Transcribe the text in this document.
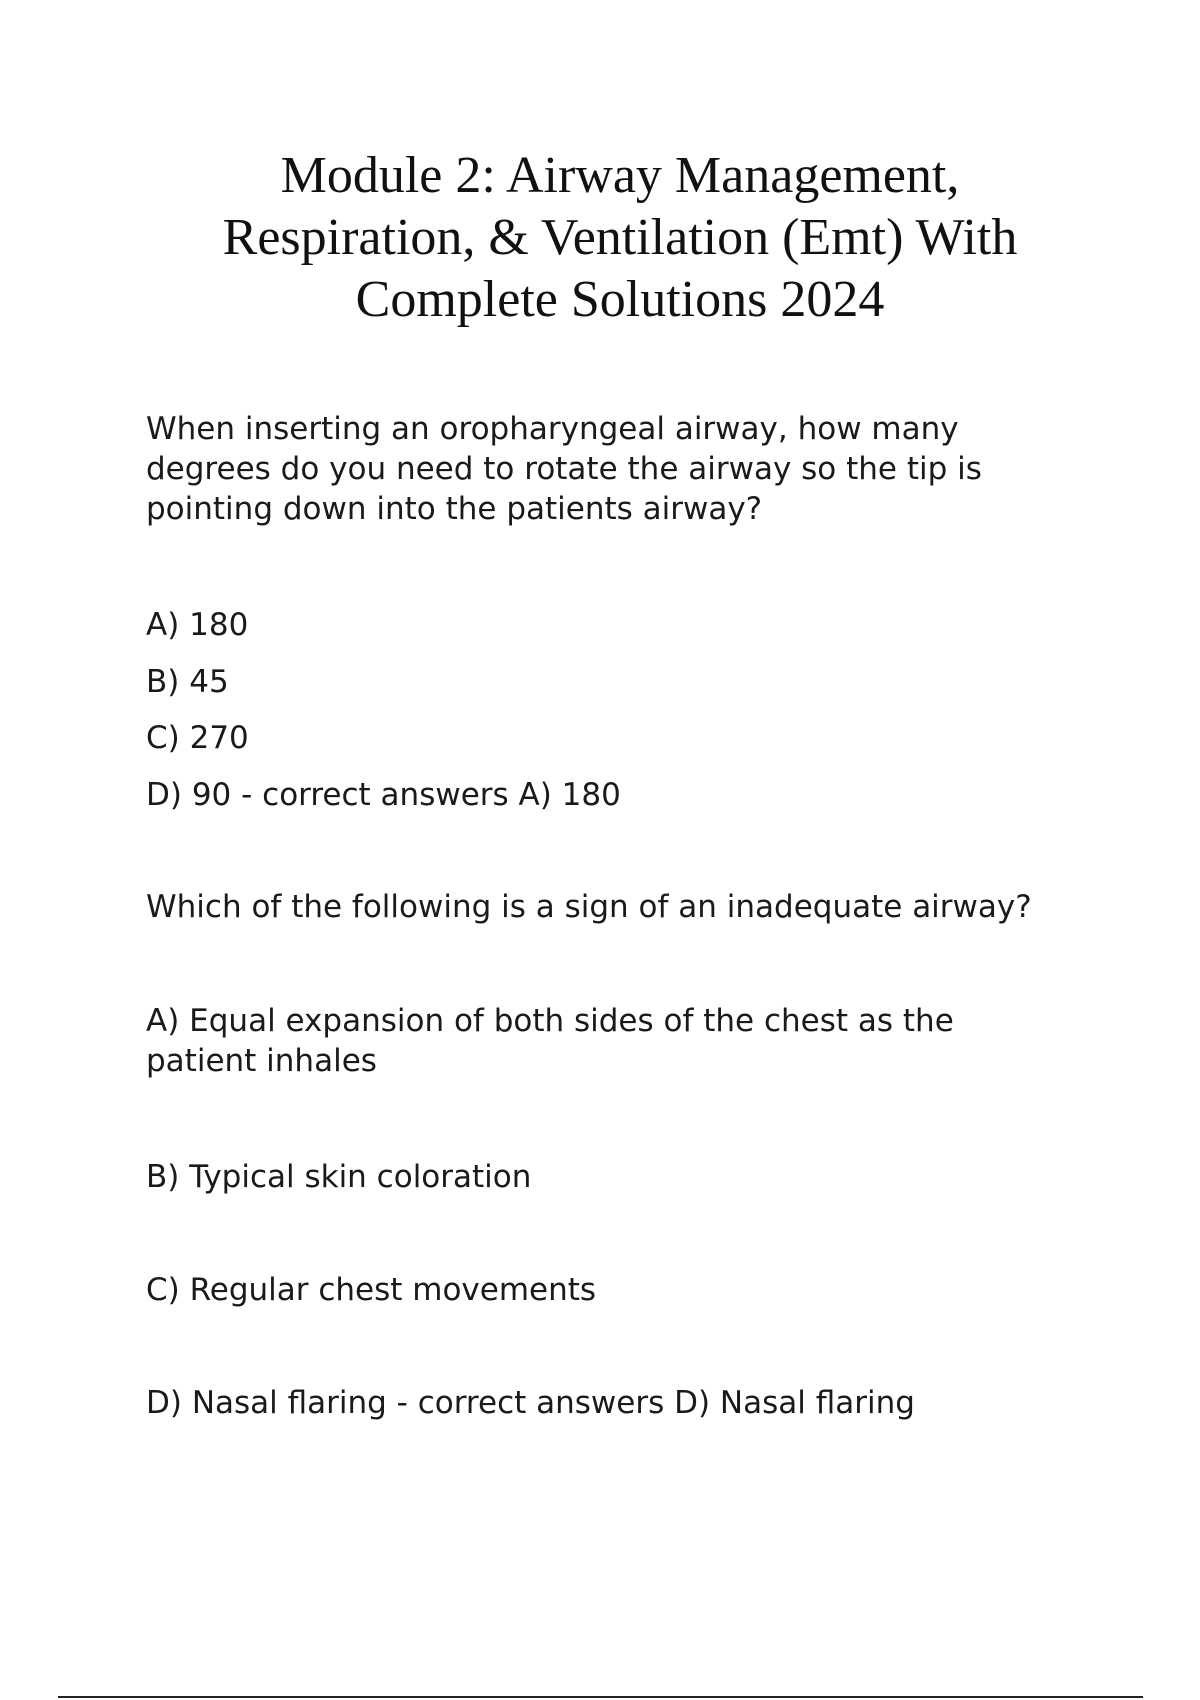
Module 2: Airway Management,
Respiration, & Ventilation (Emt) With
Complete Solutions 2024

When inserting an oropharyngeal airway, how many
degrees do you need to rotate the airway so the tip is
pointing down into the patients airway?

A) 180

B) 45

C) 270

D) 90 - correct answers A) 180

Which of the following is a sign of an inadequate airway?

A) Equal expansion of both sides of the chest as the
patient inhales

B) Typical skin coloration

C) Regular chest movements

D) Nasal flaring - correct answers D) Nasal flaring
